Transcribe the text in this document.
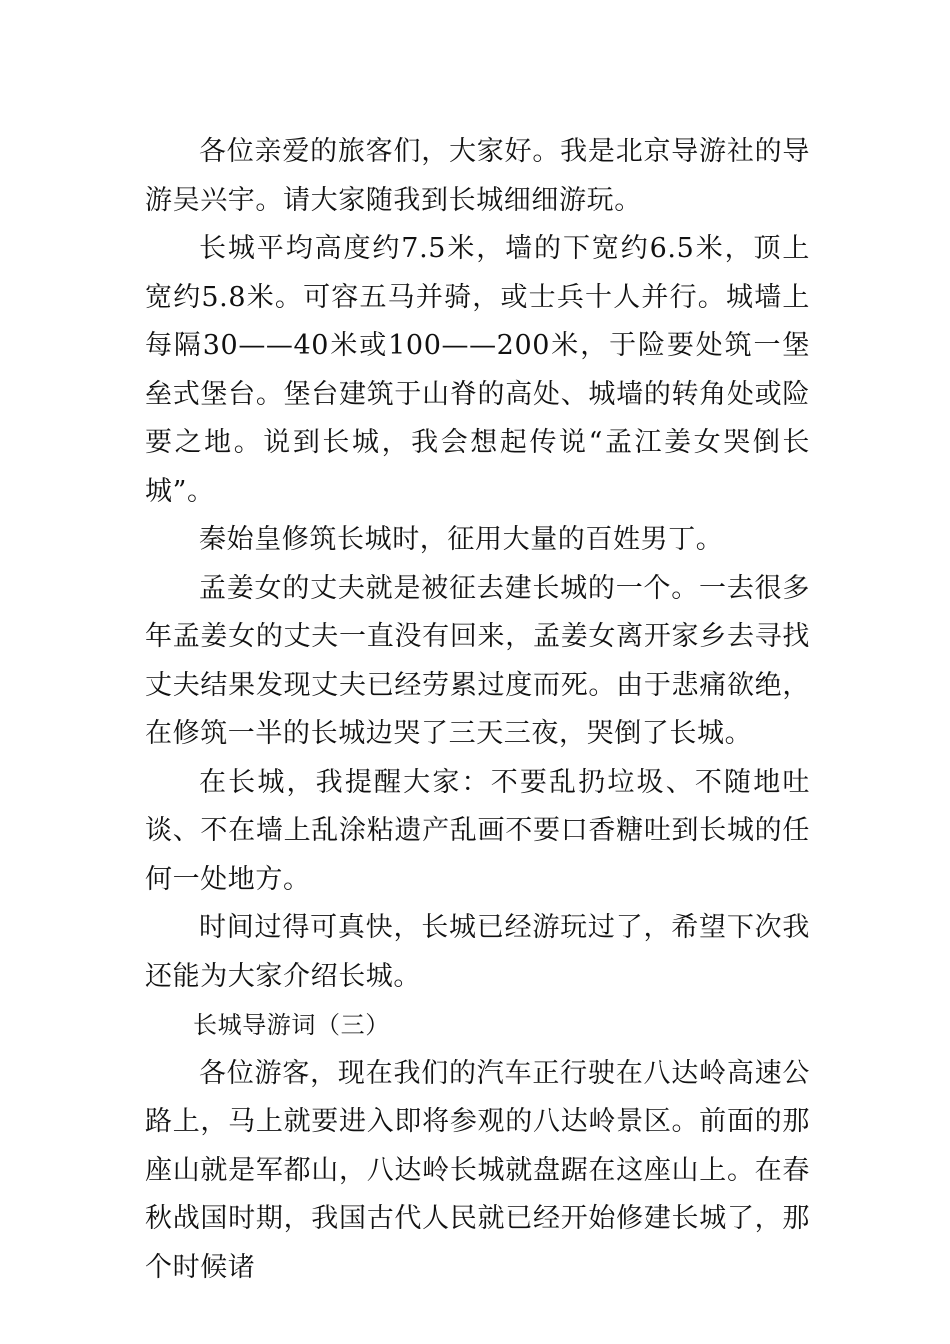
各位亲爱的旅客们，大家好。我是北京导游社的导游吴兴宇。请大家随我到长城细细游玩。

长城平均高度约7.5米，墙的下宽约6.5米，顶上宽约5.8米。可容五马并骑，或士兵十人并行。城墙上每隔30——40米或100——200米，于险要处筑一堡垒式堡台。堡台建筑于山脊的高处、城墙的转角处或险要之地。说到长城，我会想起传说“孟江姜女哭倒长城”。

秦始皇修筑长城时，征用大量的百姓男丁。

孟姜女的丈夫就是被征去建长城的一个。一去很多年孟姜女的丈夫一直没有回来，孟姜女离开家乡去寻找丈夫结果发现丈夫已经劳累过度而死。由于悲痛欲绝，在修筑一半的长城边哭了三天三夜，哭倒了长城。

在长城，我提醒大家：不要乱扔垃圾、不随地吐谈、不在墙上乱涂粘遗产乱画不要口香糖吐到长城的任何一处地方。

时间过得可真快，长城已经游玩过了，希望下次我还能为大家介绍长城。

长城导游词（三）

各位游客，现在我们的汽车正行驶在八达岭高速公路上，马上就要进入即将参观的八达岭景区。前面的那座山就是军都山，八达岭长城就盘踞在这座山上。在春秋战国时期，我国古代人民就已经开始修建长城了，那个时候诸
